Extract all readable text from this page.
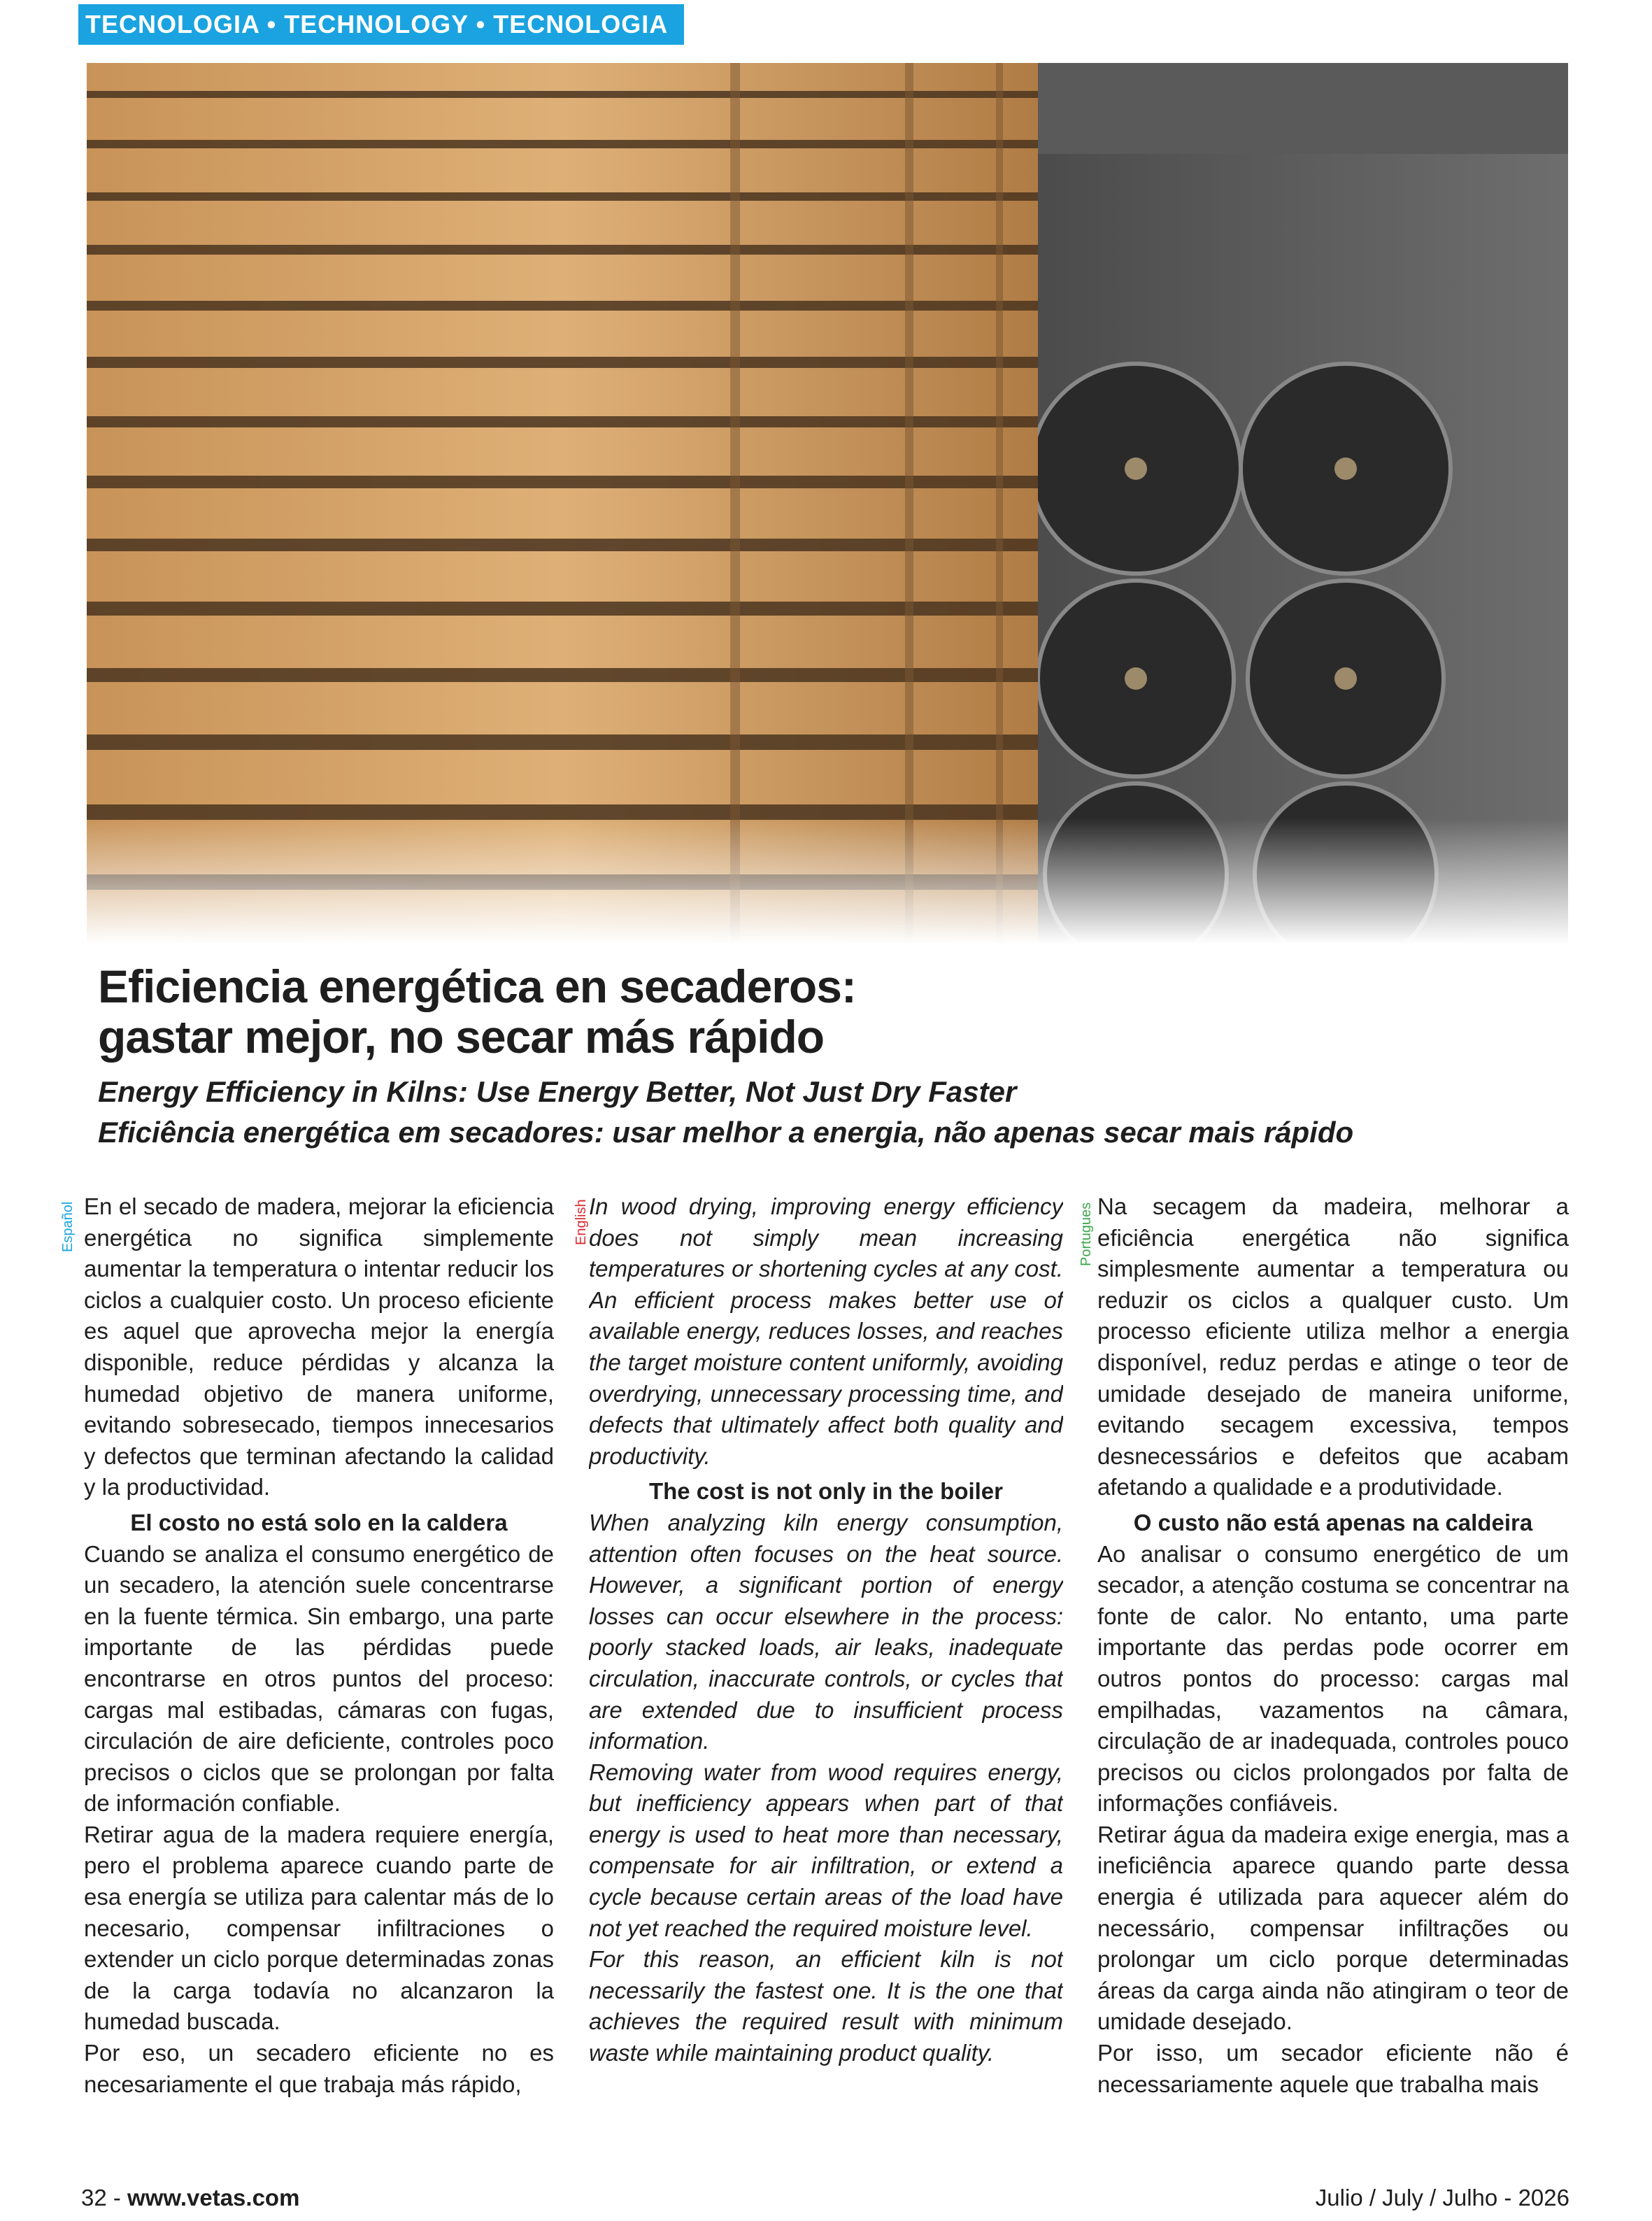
TECNOLOGIA • TECHNOLOGY • TECNOLOGIA
Eficiencia energética en secaderos:
gastar mejor, no secar más rápido
Energy Efficiency in Kilns: Use Energy Better, Not Just Dry Faster
Eficiência energética em secadores: usar melhor a energia, não apenas secar mais rápido
Español	English	Portugues

En el secado de madera, mejorar la eficiencia energética no significa simplemente aumentar la temperatura o intentar reducir los ciclos a cualquier costo. Un proceso eficiente es aquel que aprovecha mejor la energía disponible, reduce pérdidas y alcanza la humedad objetivo de manera uniforme, evitando sobresecado, tiempos innecesarios y defectos que terminan afectando la calidad y la productividad.

El costo no está solo en la caldera

Cuando se analiza el consumo energético de un secadero, la atención suele concentrarse en la fuente térmica. Sin embargo, una parte importante de las pérdidas puede encontrarse en otros puntos del proceso: cargas mal estibadas, cámaras con fugas, circulación de aire deficiente, controles poco precisos o ciclos que se prolongan por falta de información confiable.

Retirar agua de la madera requiere energía, pero el problema aparece cuando parte de esa energía se utiliza para calentar más de lo necesario, compensar infiltraciones o extender un ciclo porque determinadas zonas de la carga todavía no alcanzaron la humedad buscada.

Por eso, un secadero eficiente no es necesariamente el que trabaja más rápido,

In wood drying, improving energy efficiency does not simply mean increasing temperatures or shortening cycles at any cost. An efficient process makes better use of available energy, reduces losses, and reaches the target moisture content uniformly, avoiding overdrying, unnecessary processing time, and defects that ultimately affect both quality and productivity.

The cost is not only in the boiler

When analyzing kiln energy consumption, attention often focuses on the heat source. However, a significant portion of energy losses can occur elsewhere in the process: poorly stacked loads, air leaks, inadequate circulation, inaccurate controls, or cycles that are extended due to insufficient process information.

Removing water from wood requires energy, but inefficiency appears when part of that energy is used to heat more than necessary, compensate for air infiltration, or extend a cycle because certain areas of the load have not yet reached the required moisture level.

For this reason, an efficient kiln is not necessarily the fastest one. It is the one that achieves the required result with minimum waste while maintaining product quality.

Na secagem da madeira, melhorar a eficiência energética não significa simplesmente aumentar a temperatura ou reduzir os ciclos a qualquer custo. Um processo eficiente utiliza melhor a energia disponível, reduz perdas e atinge o teor de umidade desejado de maneira uniforme, evitando secagem excessiva, tempos desnecessários e defeitos que acabam afetando a qualidade e a produtividade.

O custo não está apenas na caldeira

Ao analisar o consumo energético de um secador, a atenção costuma se concentrar na fonte de calor. No entanto, uma parte importante das perdas pode ocorrer em outros pontos do processo: cargas mal empilhadas, vazamentos na câmara, circulação de ar inadequada, controles pouco precisos ou ciclos prolongados por falta de informações confiáveis.

Retirar água da madeira exige energia, mas a ineficiência aparece quando parte dessa energia é utilizada para aquecer além do necessário, compensar infiltrações ou prolongar um ciclo porque determinadas áreas da carga ainda não atingiram o teor de umidade desejado.

Por isso, um secador eficiente não é necessariamente aquele que trabalha mais

32 - www.vetas.com	Julio / July / Julho - 2026
